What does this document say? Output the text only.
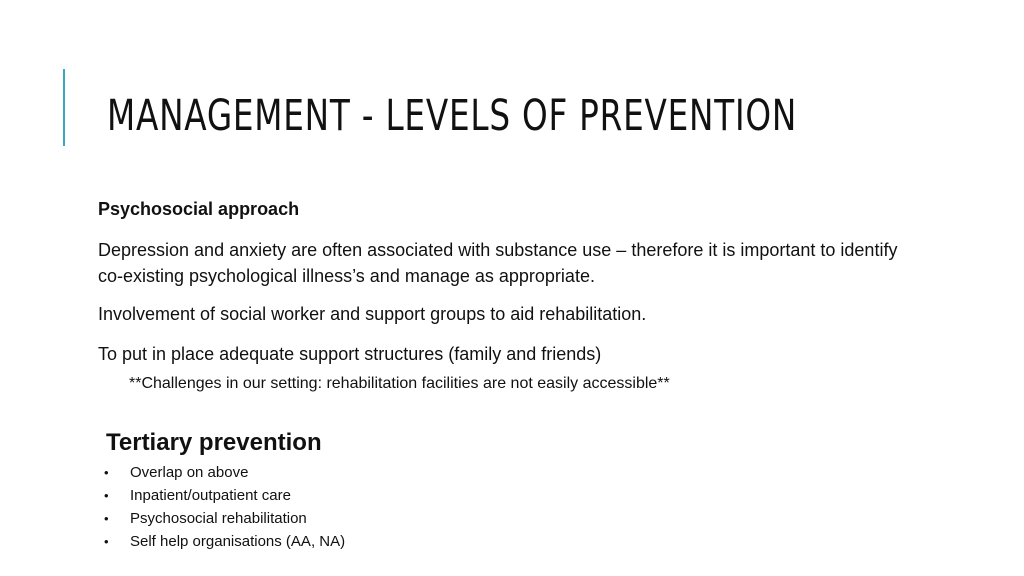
MANAGEMENT - LEVELS OF PREVENTION

Psychosocial approach

Depression and anxiety are often associated with substance use – therefore it is important to identify co-existing psychological illness’s and manage as appropriate.

Involvement of social worker and support groups to aid rehabilitation.

To put in place adequate support structures (family and friends)

**Challenges in our setting: rehabilitation facilities are not easily accessible**

Tertiary prevention
•	Overlap on above
•	Inpatient/outpatient care
•	Psychosocial rehabilitation
•	Self help organisations (AA, NA)
